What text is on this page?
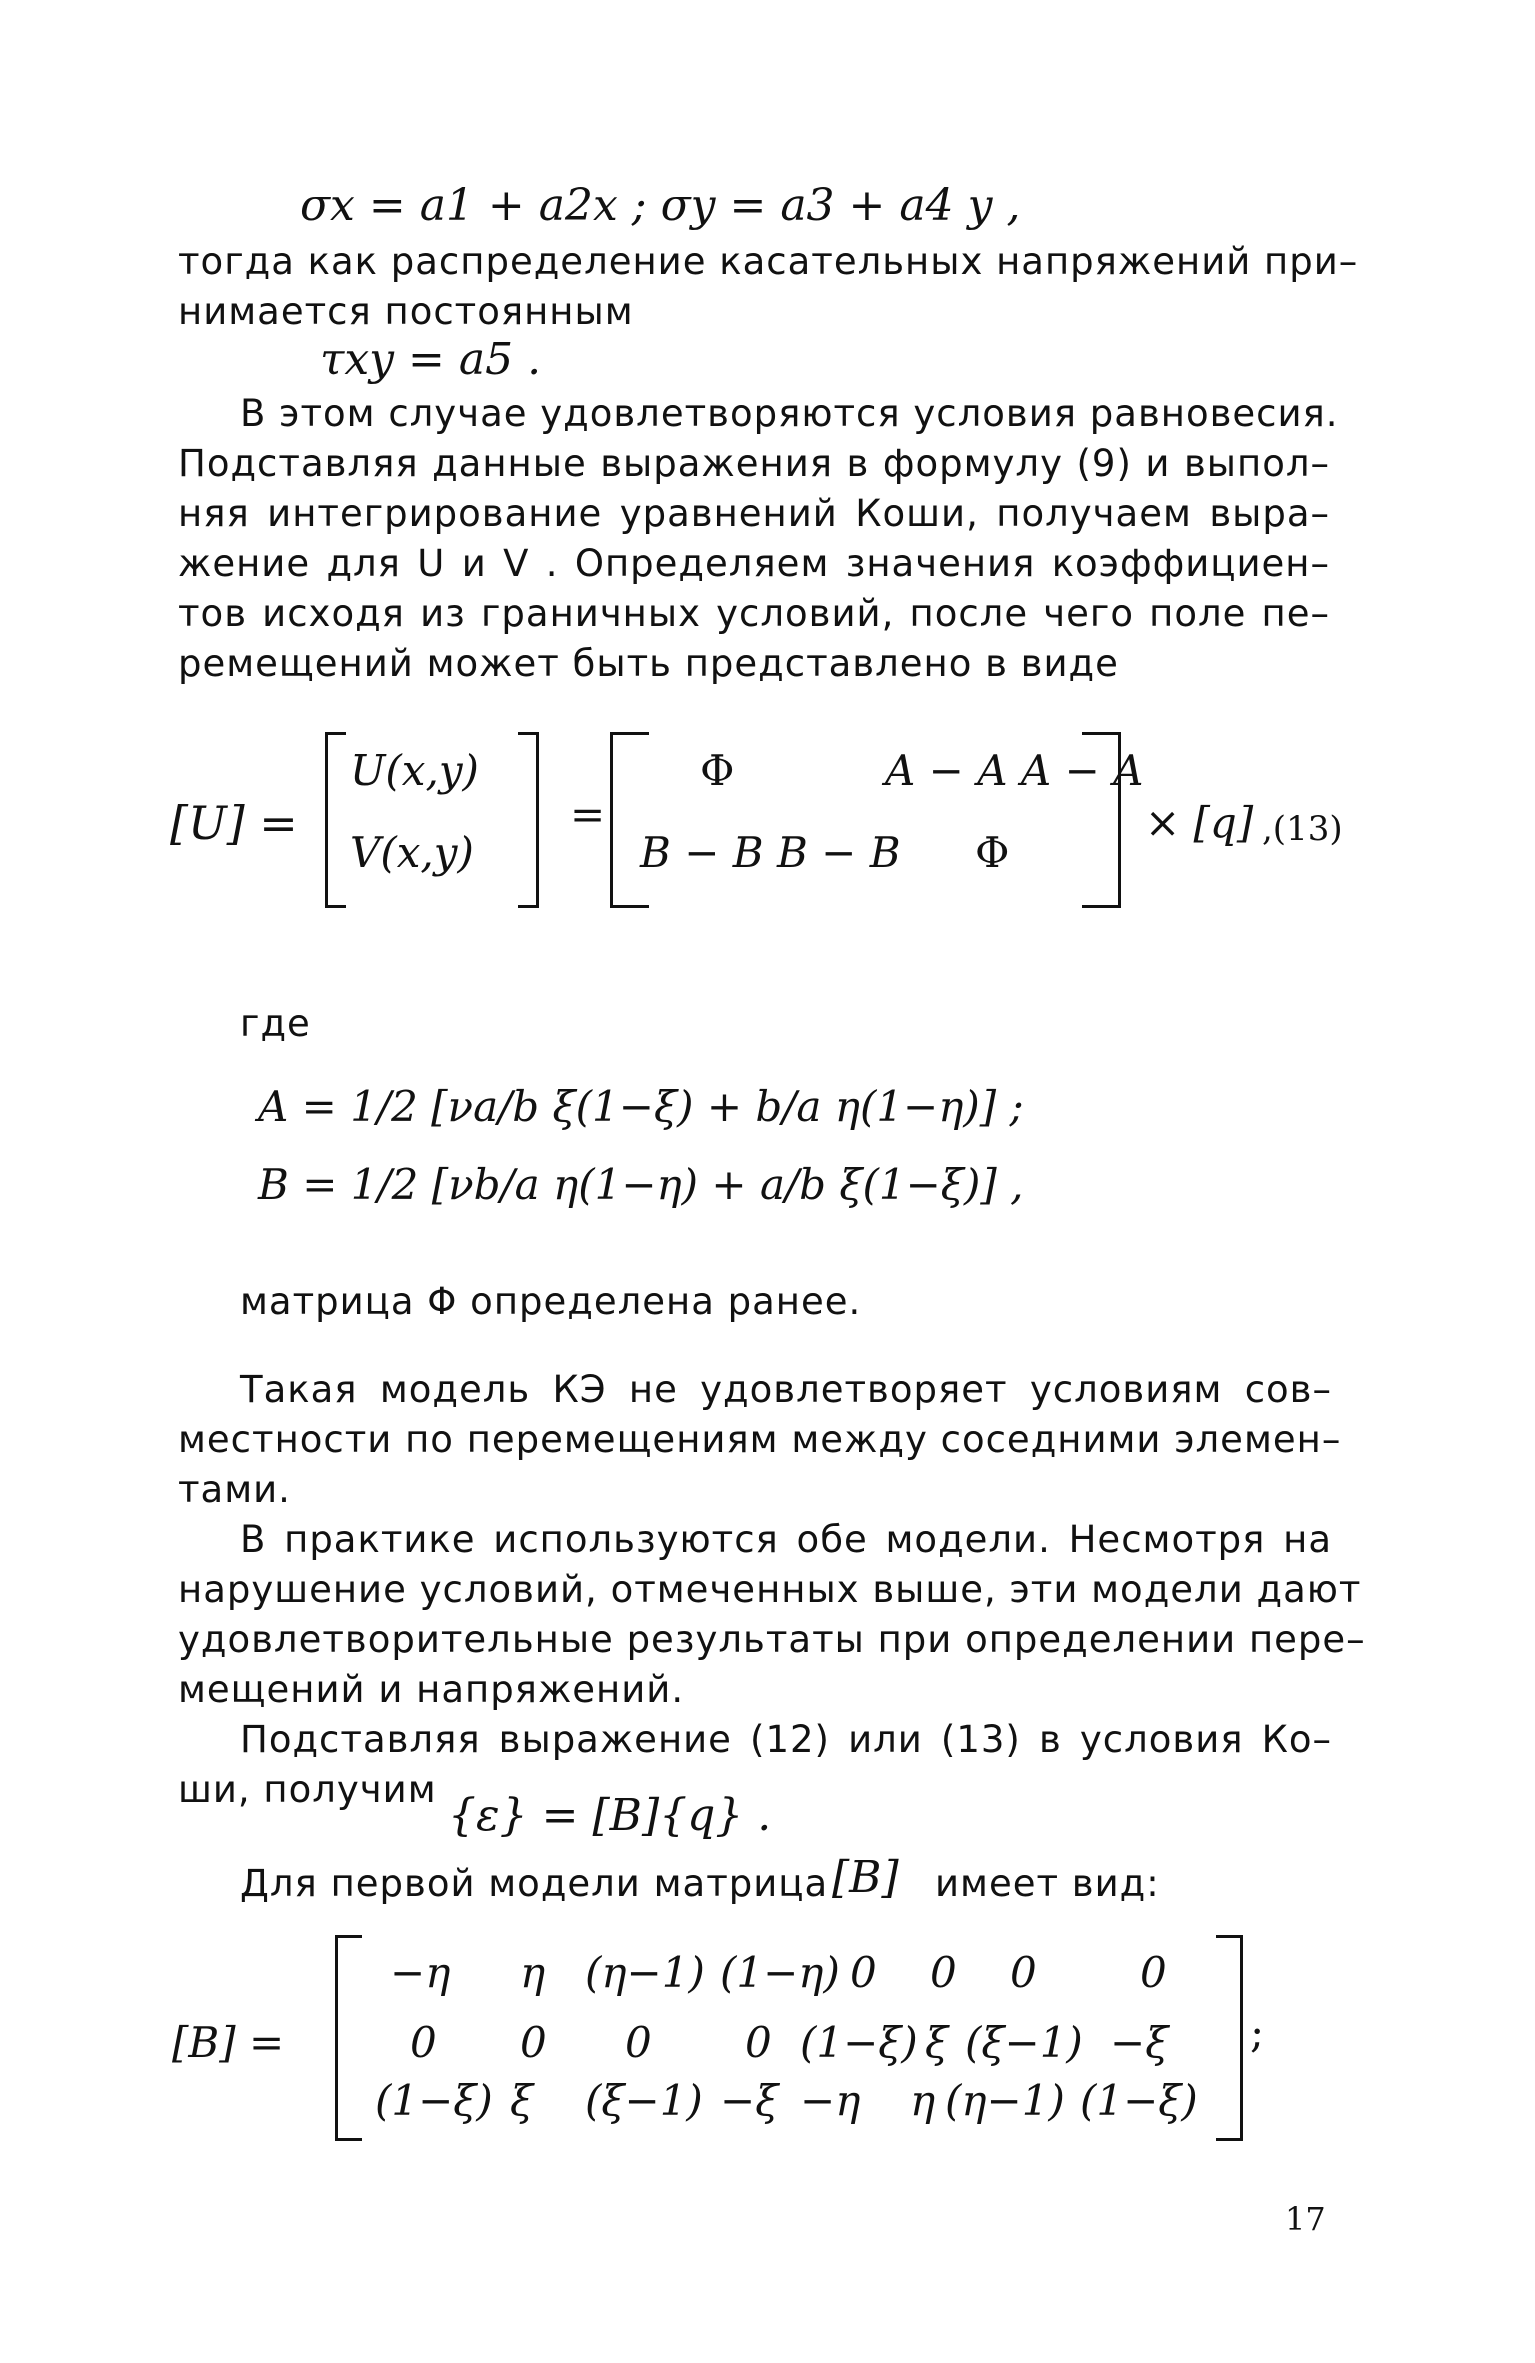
σx = a1 + a2x ; σy = a3 + a4 y ,
тогда как распределение касательных напряжений при–
нимается постоянным
τxy = a5 .
В этом случае удовлетворяются условия равновесия.
Подставляя данные выражения в формулу (9) и выпол–
няя интегрирование уравнений Коши, получаем выра–
жение для U и V . Определяем значения коэффициен–
тов исходя из граничных условий, после чего поле пе–
ремещений может быть представлено в виде
[U] =
U(x,y)
V(x,y)
=
Φ	A − A A − A
B − B B − B Φ
× [q] ,(13)
где
A = 1/2 [νa/b ξ(1−ξ) + b/a η(1−η)] ;
B = 1/2 [νb/a η(1−η) + a/b ξ(1−ξ)] ,
матрица Φ определена ранее.
Такая модель КЭ не удовлетворяет условиям сов–
местности по перемещениям между соседними элемен–
тами.
В практике используются обе модели. Несмотря на
нарушение условий, отмеченных выше, эти модели дают
удовлетворительные результаты при определении пере–
мещений и напряжений.
Подставляя выражение (12) или (13) в условия Ко–
ши, получим
{ε} = [B]{q} .
Для первой модели матрица [B] имеет вид:
[B] =	;
−η η (η−1) (1−η) 0 0 0 0
0 0 0 0 (1−ξ) ξ (ξ−1) −ξ
(1−ξ) ξ (ξ−1) −ξ −η η (η−1) (1−ξ)
17
